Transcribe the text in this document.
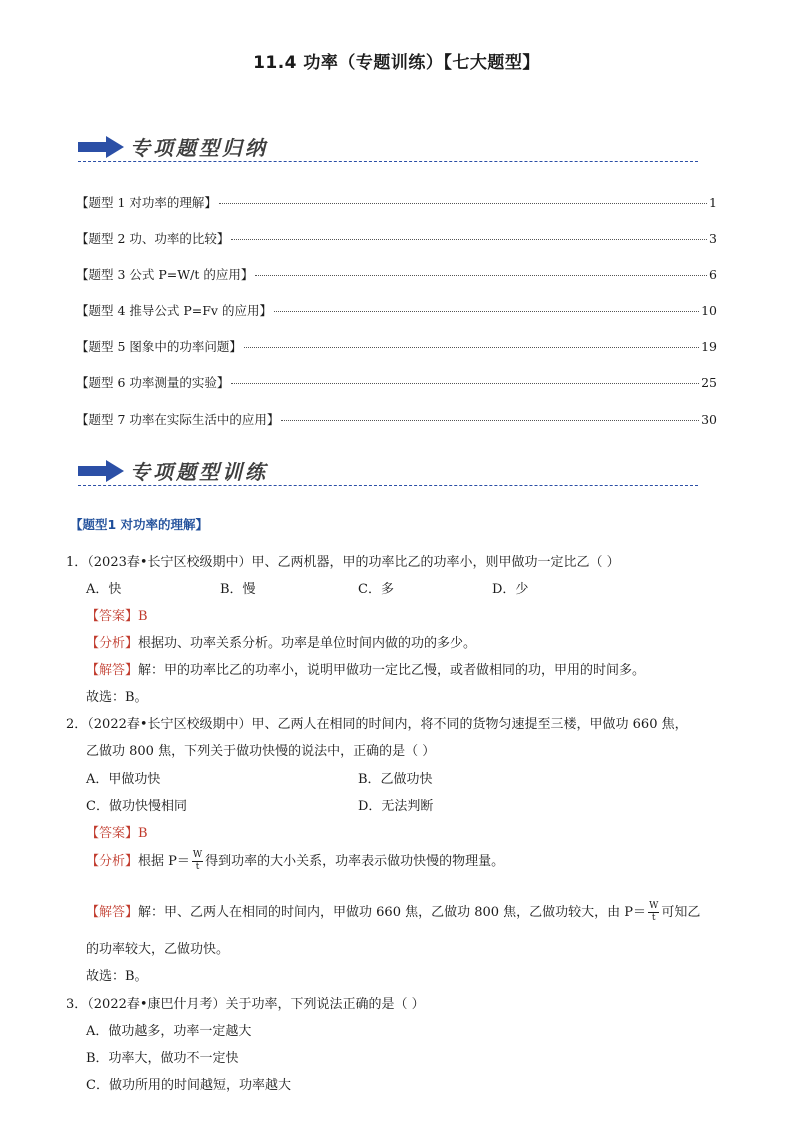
11.4 功率（专题训练）【七大题型】
专项题型归纳
【题型 1 对功率的理解】	1
【题型 2 功、功率的比较】	3
【题型 3 公式 P=W/t 的应用】	6
【题型 4 推导公式 P=Fv 的应用】	10
【题型 5 图象中的功率问题】	19
【题型 6 功率测量的实验】	25
【题型 7 功率在实际生活中的应用】	30
专项题型训练
【题型1 对功率的理解】
1．（2023春•长宁区校级期中）甲、乙两机器，甲的功率比乙的功率小，则甲做功一定比乙（ ）
A．快	B．慢	C．多	D．少
【答案】B
【分析】根据功、功率关系分析。功率是单位时间内做的功的多少。
【解答】解：甲的功率比乙的功率小，说明甲做功一定比乙慢，或者做相同的功，甲用的时间多。
故选：B。
2．（2022春•长宁区校级期中）甲、乙两人在相同的时间内，将不同的货物匀速提至三楼，甲做功 660 焦，
乙做功 800 焦，下列关于做功快慢的说法中，正确的是（ ）
A．甲做功快	B．乙做功快
C．做功快慢相同	D．无法判断
【答案】B
【分析】根据 $P= \frac{W}{t}$ 得到功率的大小关系，功率表示做功快慢的物理量。
【解答】解：甲、乙两人在相同的时间内，甲做功 660 焦，乙做功 800 焦，乙做功较大，由 $P= \frac{W}{t}$ 可知乙
的功率较大，乙做功快。
故选：B。
3．（2022春•康巴什月考）关于功率，下列说法正确的是（ ）
A．做功越多，功率一定越大
B．功率大，做功不一定快
C．做功所用的时间越短，功率越大
